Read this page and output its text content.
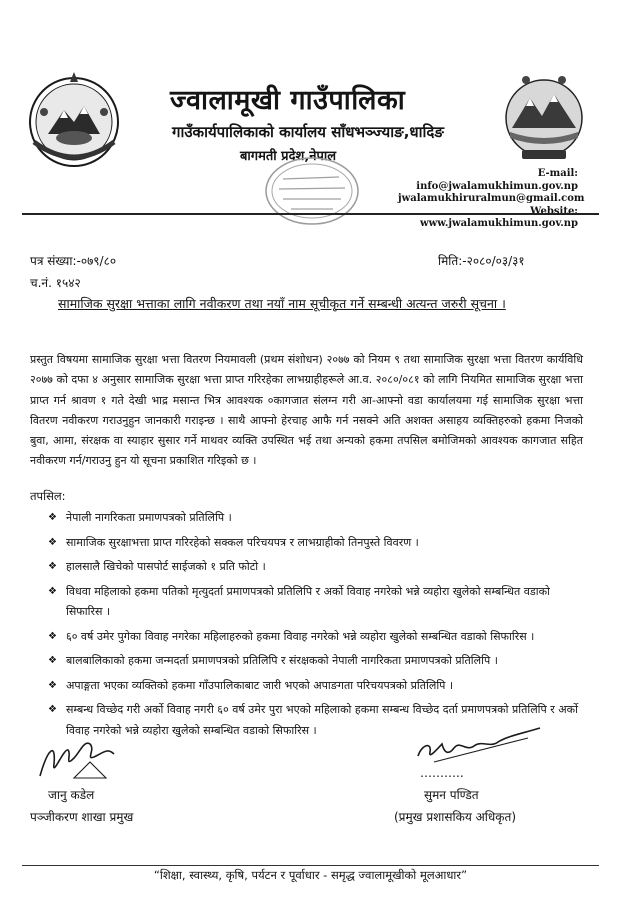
ज्वालामूखी गाउँपालिका
गाउँकार्यपालिकाको कार्यालय साँधभञ्ज्याङ,धादिङ
बागमती प्रदेश,नेपाल
E-mail: info@jwalamukhimun.gov.np
jwalamukhiruralmun@gmail.com
Website: www.jwalamukhimun.gov.np
पत्र संख्या:-०७९/८०
च.नं. १५४२
मिति:-२०८०/०३/३१
सामाजिक सुरक्षा भत्ताका लागि नवीकरण तथा नयाँ नाम सूचीकृत गर्ने सम्बन्धी अत्यन्त जरुरी सूचना ।
प्रस्तुत विषयमा सामाजिक सुरक्षा भत्ता वितरण नियमावली (प्रथम संशोधन) २०७७ को नियम ९ तथा सामाजिक सुरक्षा भत्ता वितरण कार्यविधि २०७७ को दफा ४ अनुसार सामाजिक सुरक्षा भत्ता प्राप्त गरिरहेका लाभग्राहीहरूले आ.व. २०८०/०८१ को लागि नियमित सामाजिक सुरक्षा भत्ता प्राप्त गर्न श्रावण १ गते देखी भाद्र मसान्त भित्र आवश्यक ०कागजात संलग्न गरी आ-आफ्नो वडा कार्यालयमा गई सामाजिक सुरक्षा भत्ता वितरण नवीकरण गराउनुहुन जानकारी गराइन्छ । साथै आफ्नो हेरचाह आफै गर्न नसक्ने अति अशक्त असाहय व्यक्तिहरुको हकमा निजको बुवा, आमा, संरक्षक वा स्याहार सुसार गर्ने माथवर व्यक्ति उपस्थित भई तथा अन्यको हकमा तपसिल बमोजिमको आवश्यक कागजात सहित नवीकरण गर्न/गराउनु हुन यो सूचना प्रकाशित गरिइको छ ।
तपसिल:
❖ नेपाली नागरिकता प्रमाणपत्रको प्रतिलिपि ।
❖ सामाजिक सुरक्षाभत्ता प्राप्त गरिरहेको सक्कल परिचयपत्र र लाभग्राहीको तिनपुस्ते विवरण ।
❖ हालसालै खिचेको पासपोर्ट साईजको १ प्रति फोटो ।
❖ विधवा महिलाको हकमा पतिको मृत्युदर्ता प्रमाणपत्रको प्रतिलिपि र अर्को विवाह नगरेको भन्ने व्यहोरा खुलेको सम्बन्धित वडाको सिफारिस ।
❖ ६० वर्ष उमेर पुगेका विवाह नगरेका महिलाहरुको हकमा विवाह नगरेको भन्ने व्यहोरा खुलेको सम्बन्धित वडाको सिफारिस ।
❖ बालबालिकाको हकमा जन्मदर्ता प्रमाणपत्रको प्रतिलिपि र संरक्षकको नेपाली नागरिकता प्रमाणपत्रको प्रतिलिपि ।
❖ अपाङ्गता भएका व्यक्तिको हकमा गाँउपालिकाबाट जारी भएको अपाङगता परिचयपत्रको प्रतिलिपि ।
❖ सम्बन्ध विच्छेद गरी अर्को विवाह नगरी ६० वर्ष उमेर पुरा भएको महिलाको हकमा सम्बन्ध विच्छेद दर्ता प्रमाणपत्रको प्रतिलिपि र अर्को विवाह नगरेको भन्ने व्यहोरा खुलेको सम्बन्धित वडाको सिफारिस ।
जानु कडेल
पञ्जीकरण शाखा प्रमुख
………..
सुमन पण्डित
(प्रमुख प्रशासकिय अधिकृत)
“शिक्षा, स्वास्थ्य, कृषि, पर्यटन र पूर्वाधार - समृद्ध ज्वालामूखीको मूलआधार”
